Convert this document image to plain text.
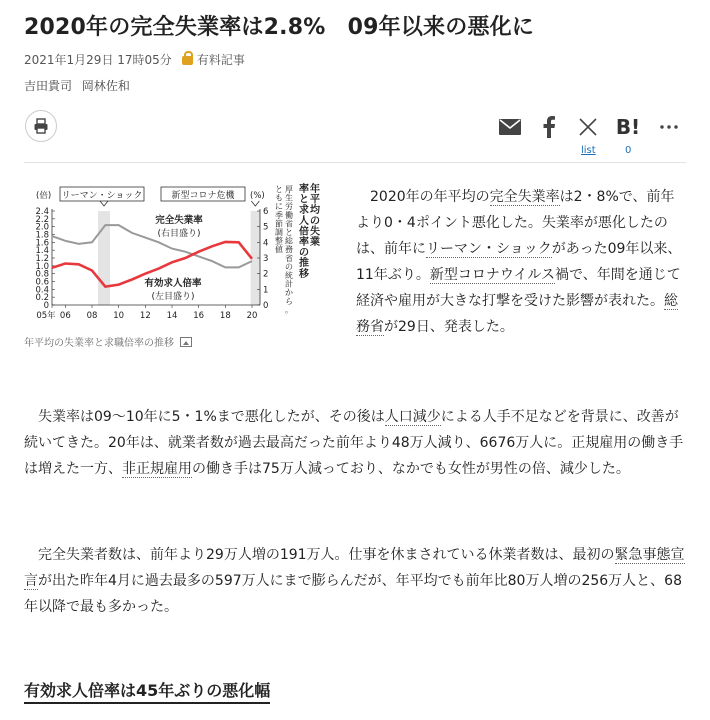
2020年の完全失業率は2.8%　09年以来の悪化に
2021年1月29日 17時05分 有料記事
吉田貴司 岡林佐和
list
B!
0
0
0.2
0.4
0.6
0.8
1.0
1.2
1.4
1.6
1.8
2.0
2.2
2.4
0
1
2
3
4
5
6
(倍)	(%)
05年 06 08 10 12 14 16 18 20
リーマン・ショック	新型コロナ危機
完全失業率
(右目盛り)
有効求人倍率
(左目盛り)
年平均の失業
率と求人倍率の推移
厚生労働省と総務省の統計から。
ともに季節調整値
年平均の失業率と求職倍率の推移
　2020年の年平均の完全失業率は2・8%で、前年より0・4ポイント悪化した。失業率が悪化したのは、前年にリーマン・ショックがあった09年以来、11年ぶり。新型コロナウイルス禍で、年間を通じて経済や雇用が大きな打撃を受けた影響が表れた。総務省が29日、発表した。
　失業率は09〜10年に5・1%まで悪化したが、その後は人口減少による人手不足などを背景に、改善が続いてきた。20年は、就業者数が過去最高だった前年より48万人減り、6676万人に。正規雇用の働き手は増えた一方、非正規雇用の働き手は75万人減っており、なかでも女性が男性の倍、減少した。
　完全失業者数は、前年より29万人増の191万人。仕事を休まされている休業者数は、最初の緊急事態宣言が出た昨年4月に過去最多の597万人にまで膨らんだが、年平均でも前年比80万人増の256万人と、68年以降で最も多かった。
有効求人倍率は45年ぶりの悪化幅
